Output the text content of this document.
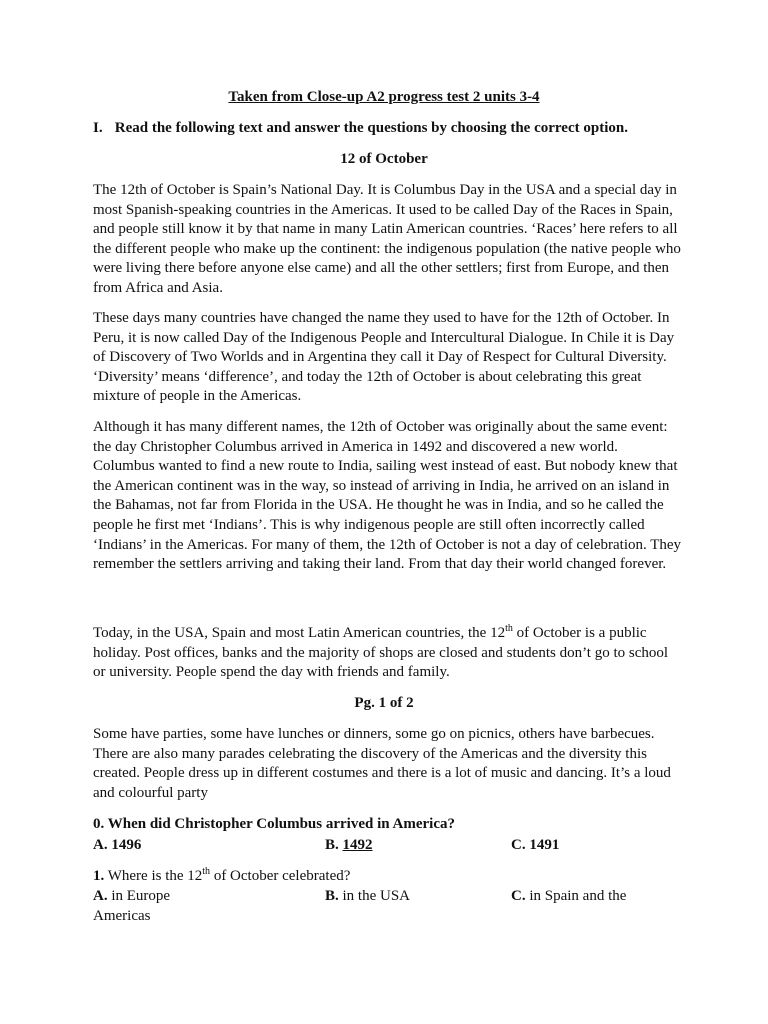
Taken from Close-up A2 progress test 2 units 3-4
I. Read the following text and answer the questions by choosing the correct option.
12 of October
The 12th of October is Spain’s National Day. It is Columbus Day in the USA and a special day in most Spanish-speaking countries in the Americas. It used to be called Day of the Races in Spain, and people still know it by that name in many Latin American countries. ‘Races’ here refers to all the different people who make up the continent: the indigenous population (the native people who were living there before anyone else came) and all the other settlers; first from Europe, and then from Africa and Asia.
These days many countries have changed the name they used to have for the 12th of October. In Peru, it is now called Day of the Indigenous People and Intercultural Dialogue. In Chile it is Day of Discovery of Two Worlds and in Argentina they call it Day of Respect for Cultural Diversity. ‘Diversity’ means ‘difference’, and today the 12th of October is about celebrating this great mixture of people in the Americas.
Although it has many different names, the 12th of October was originally about the same event: the day Christopher Columbus arrived in America in 1492 and discovered a new world.
Columbus wanted to find a new route to India, sailing west instead of east. But nobody knew that the American continent was in the way, so instead of arriving in India, he arrived on an island in the Bahamas, not far from Florida in the USA. He thought he was in India, and so he called the people he first met ‘Indians’. This is why indigenous people are still often incorrectly called ‘Indians’ in the Americas. For many of them, the 12th of October is not a day of celebration. They remember the settlers arriving and taking their land. From that day their world changed forever.
Today, in the USA, Spain and most Latin American countries, the 12th of October is a public holiday. Post offices, banks and the majority of shops are closed and students don’t go to school or university. People spend the day with friends and family.
Pg. 1 of 2
Some have parties, some have lunches or dinners, some go on picnics, others have barbecues. There are also many parades celebrating the discovery of the Americas and the diversity this created. People dress up in different costumes and there is a lot of music and dancing. It’s a loud and colourful party
0. When did Christopher Columbus arrived in America?
A. 1496	B. 1492	C. 1491
1. Where is the 12th of October celebrated?
A. in Europe	B. in the USA	C. in Spain and the
Americas
